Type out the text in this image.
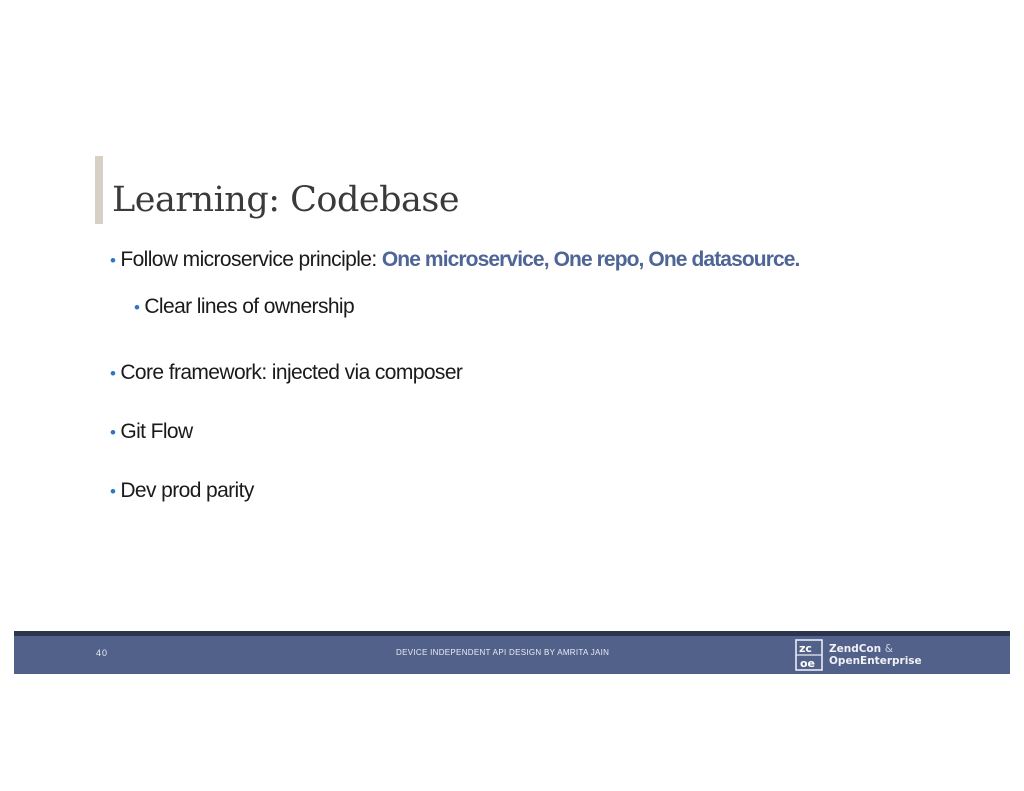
Learning: Codebase
• Follow microservice principle: One microservice, One repo, One datasource.
• Clear lines of ownership
• Core framework: injected via composer
• Git Flow
• Dev prod parity
40	DEVICE INDEPENDENT API DESIGN BY AMRITA JAIN	zc
oe
ZendCon &
OpenEnterprise
